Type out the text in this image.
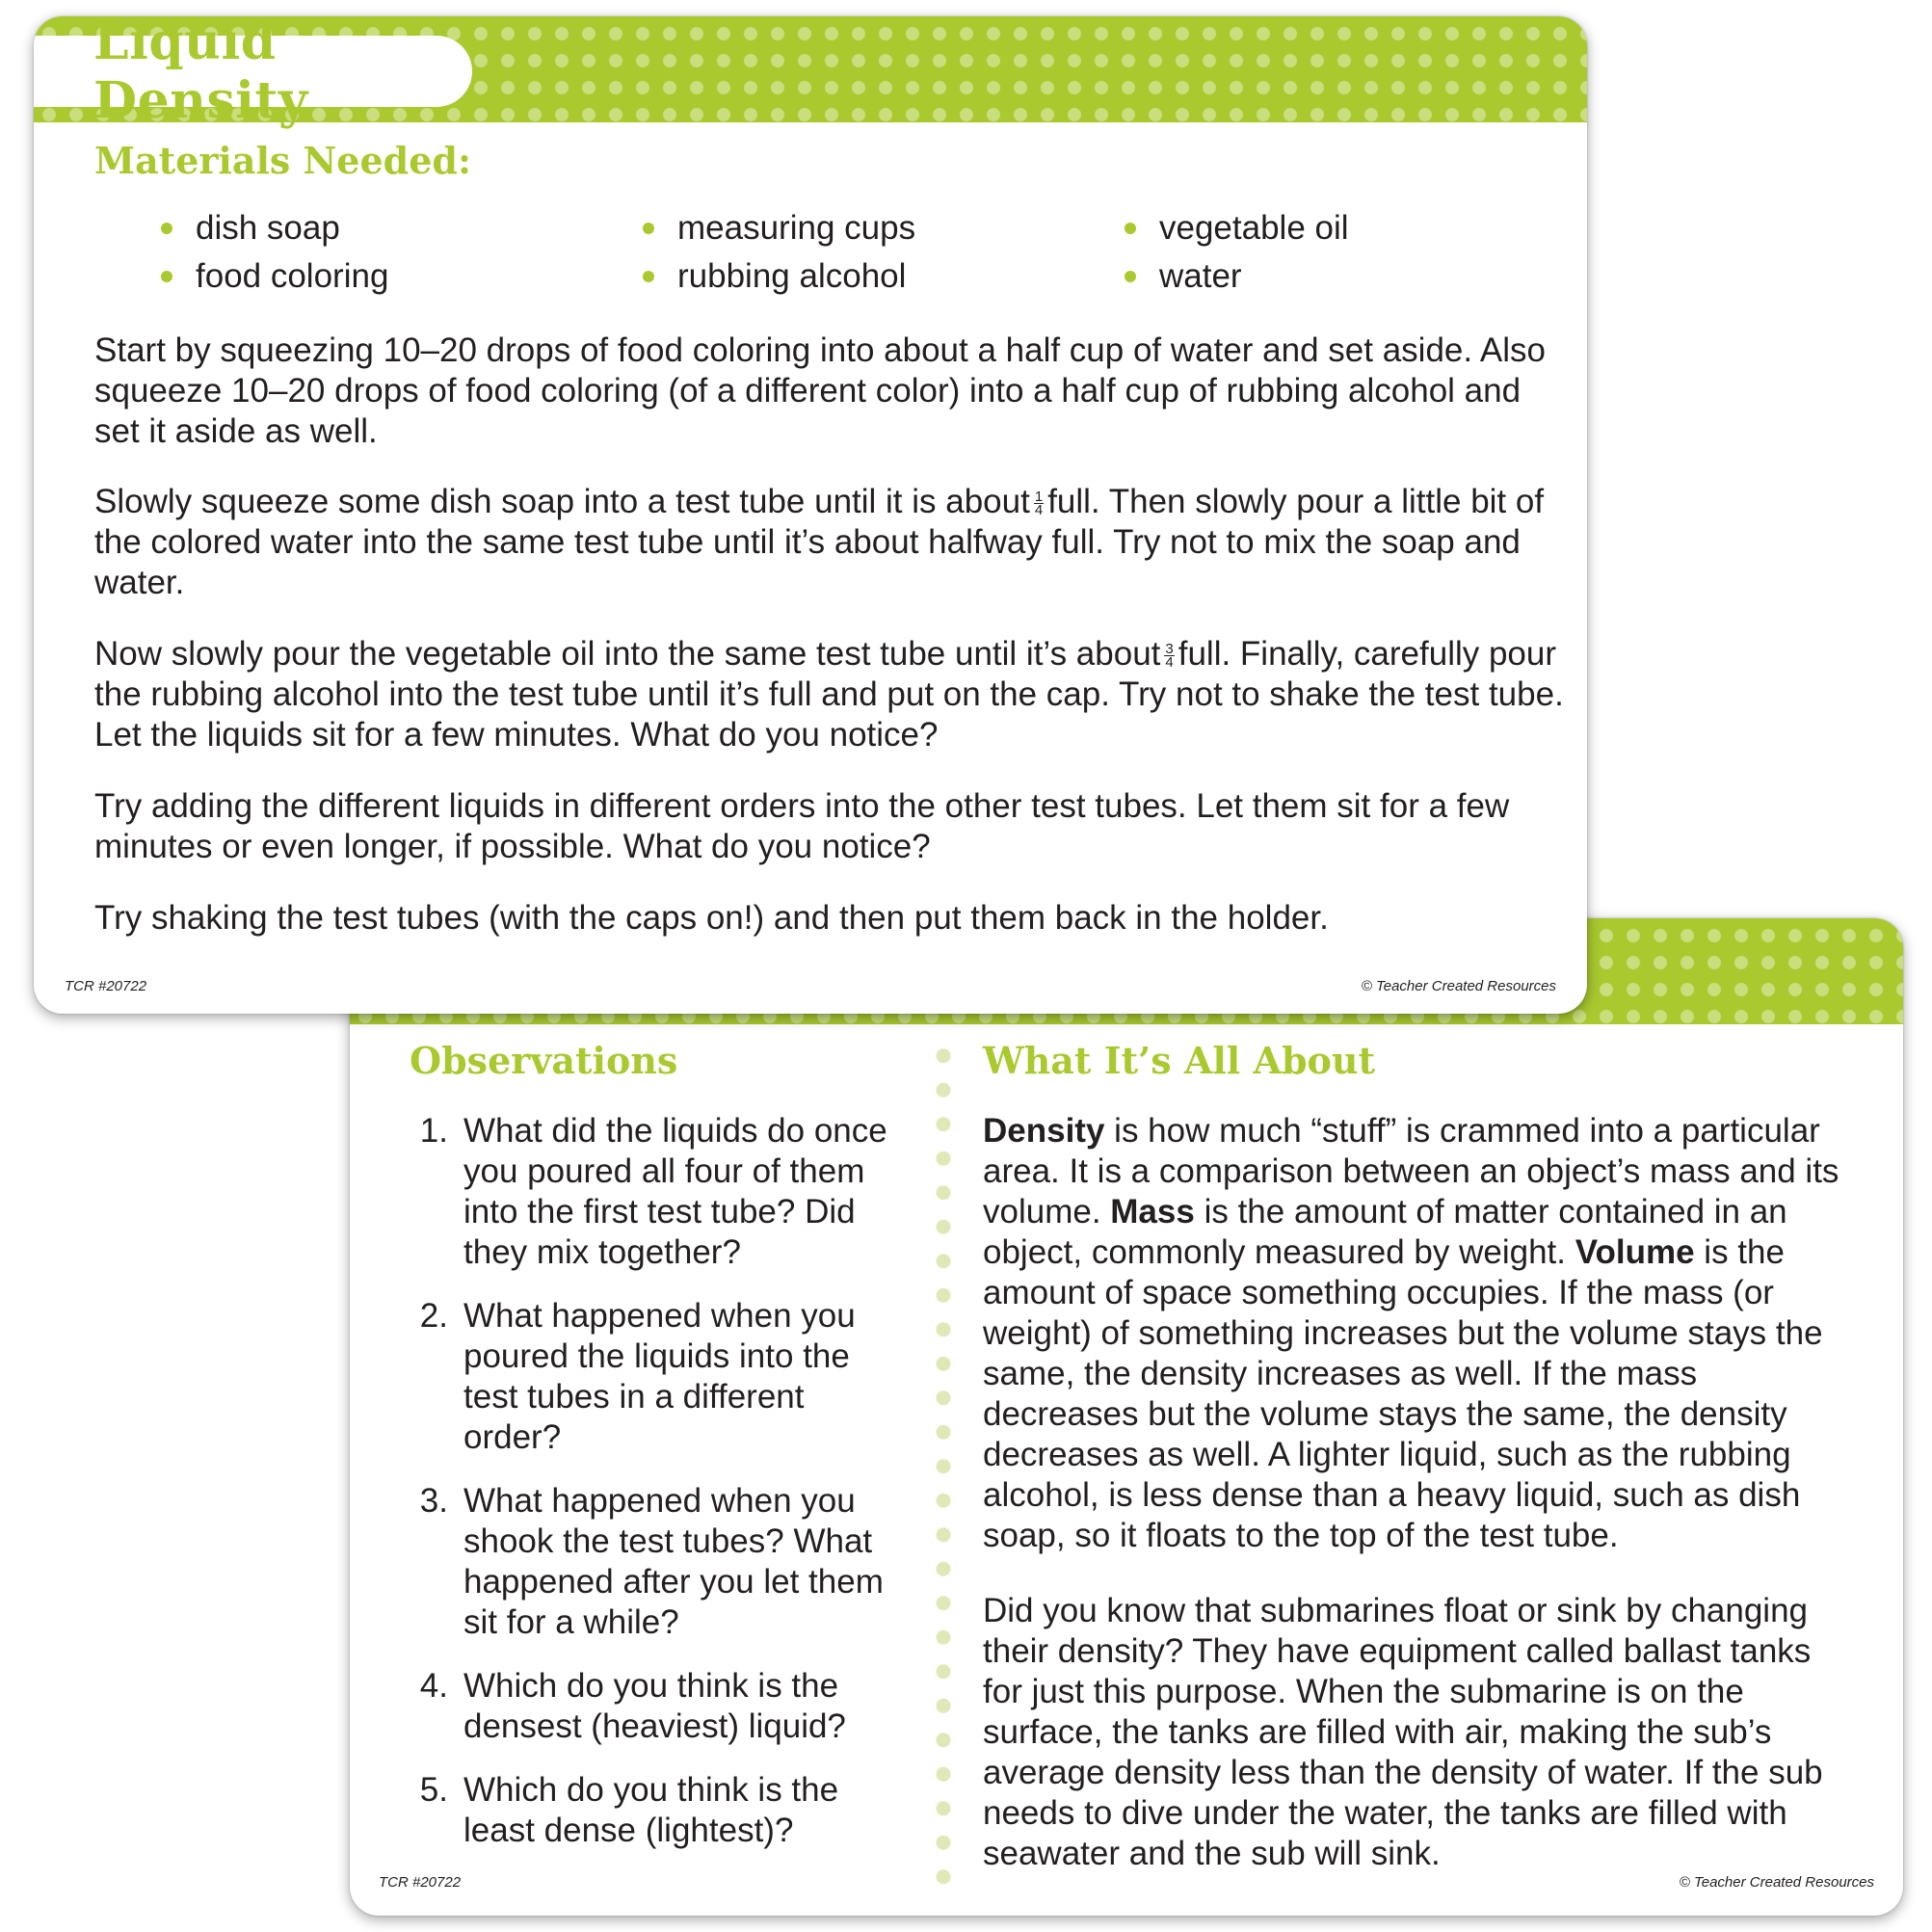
Observations
1. What did the liquids do once you poured all four of them into the first test tube? Did they mix together?
2. What happened when you poured the liquids into the test tubes in a different order?
3. What happened when you shook the test tubes? What happened after you let them sit for a while?
4. Which do you think is the densest (heaviest) liquid?
5. Which do you think is the least dense (lightest)?
What It’s All About

Density is how much “stuff” is crammed into a particular area. It is a comparison between an object’s mass and its volume. Mass is the amount of matter contained in an object, commonly measured by weight. Volume is the amount of space something occupies. If the mass (or weight) of something increases but the volume stays the same, the density increases as well. If the mass decreases but the volume stays the same, the density decreases as well. A lighter liquid, such as the rubbing alcohol, is less dense than a heavy liquid, such as dish soap, so it floats to the top of the test tube.

Did you know that submarines float or sink by changing their density? They have equipment called ballast tanks for just this purpose. When the submarine is on the surface, the tanks are filled with air, making the sub’s average density less than the density of water. If the sub needs to dive under the water, the tanks are filled with seawater and the sub will sink.

TCR #20722	© Teacher Created Resources
Liquid Density
Materials Needed:
dish soap	measuring cups	vegetable oil
food coloring	rubbing alcohol	water

Start by squeezing 10–20 drops of food coloring into about a half cup of water and set aside. Also squeeze 10–20 drops of food coloring (of a different color) into a half cup of rubbing alcohol and set it aside as well.

Slowly squeeze some dish soap into a test tube until it is about $\frac{1}{4}$ full. Then slowly pour a little bit of the colored water into the same test tube until it’s about halfway full. Try not to mix the soap and water.

Now slowly pour the vegetable oil into the same test tube until it’s about $\frac{3}{4}$ full. Finally, carefully pour the rubbing alcohol into the test tube until it’s full and put on the cap. Try not to shake the test tube. Let the liquids sit for a few minutes. What do you notice?

Try adding the different liquids in different orders into the other test tubes. Let them sit for a few minutes or even longer, if possible. What do you notice?

Try shaking the test tubes (with the caps on!) and then put them back in the holder.

TCR #20722	© Teacher Created Resources
